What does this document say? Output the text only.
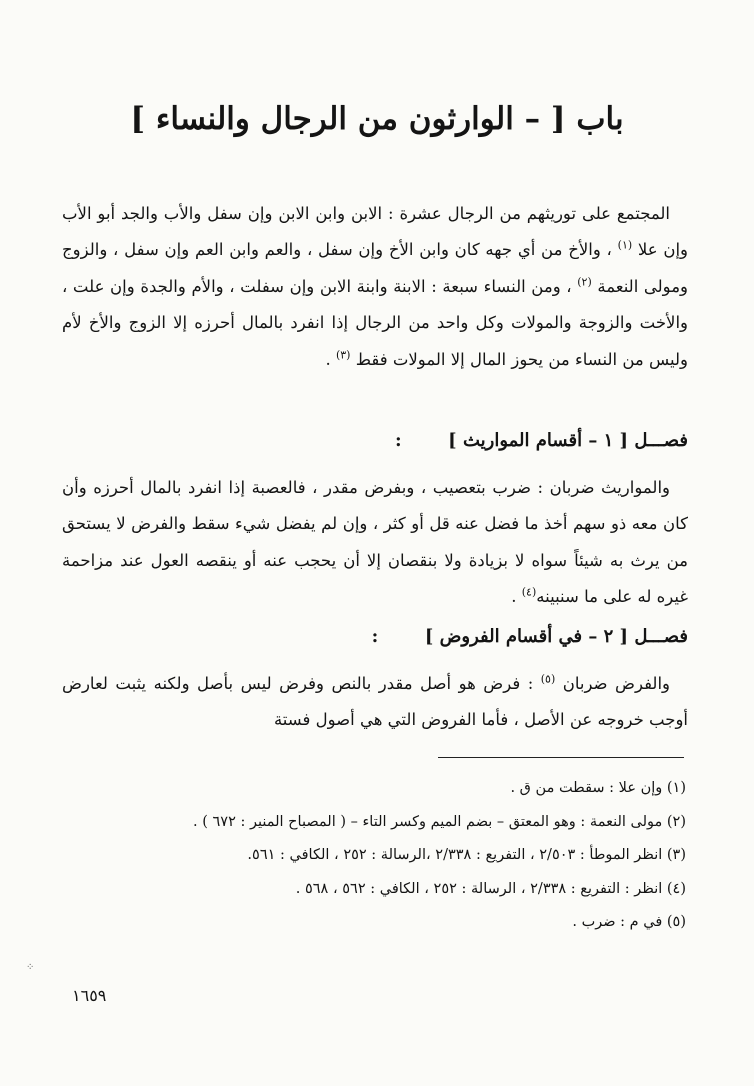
باب [ – الوارثون من الرجال والنساء ]

المجتمع على توريثهم من الرجال عشرة : الابن وابن الابن وإن سفل والأب والجد أبو الأب وإن علا $^{(١)}$ ، والأخ من أي جهه كان وابن الأخ وإن سفل ، والعم وابن العم وإن سفل ، والزوج ومولى النعمة $^{(٢)}$ ، ومن النساء سبعة : الابنة وابنة الابن وإن سفلت ، والأم والجدة وإن علت ، والأخت والزوجة والمولات وكل واحد من الرجال إذا انفرد بالمال أحرزه إلا الزوج والأخ لأم وليس من النساء من يحوز المال إلا المولات فقط $^{(٣)}$ .

فصـــل [ ١ – أقسام المواريث ]  :

والمواريث ضربان : ضرب بتعصيب ، وبفرض مقدر ، فالعصبة إذا انفرد بالمال أحرزه وأن كان معه ذو سهم أخذ ما فضل عنه قل أو كثر ، وإن لم يفضل شيء سقط والفرض لا يستحق من يرث به شيئاً سواه لا بزيادة ولا بنقصان إلا أن يحجب عنه أو ينقصه العول عند مزاحمة غيره له على ما سنبينه$^{(٤)}$ .

فصـــل [ ٢ – في أقسام الفروض ]  :

والفرض ضربان $^{(٥)}$ : فرض هو أصل مقدر بالنص وفرض ليس بأصل ولكنه يثبت لعارض أوجب خروجه عن الأصل ، فأما الفروض التي هي أصول فستة

(١) وإن علا : سقطت من ق .

(٢) مولى النعمة : وهو المعتق – بضم الميم وكسر التاء – ( المصباح المنير : ٦٧٢ ) .

(٣) انظر الموطأ : ٢/٥٠٣ ، التفريع : ٢/٣٣٨ ،الرسالة : ٢٥٢ ، الكافي : ٥٦١.

(٤) انظر : التفريع : ٢/٣٣٨ ، الرسالة : ٢٥٢ ، الكافي : ٥٦٢ ، ٥٦٨ .

(٥) في م : ضرب .

⁘
١٦٥٩
